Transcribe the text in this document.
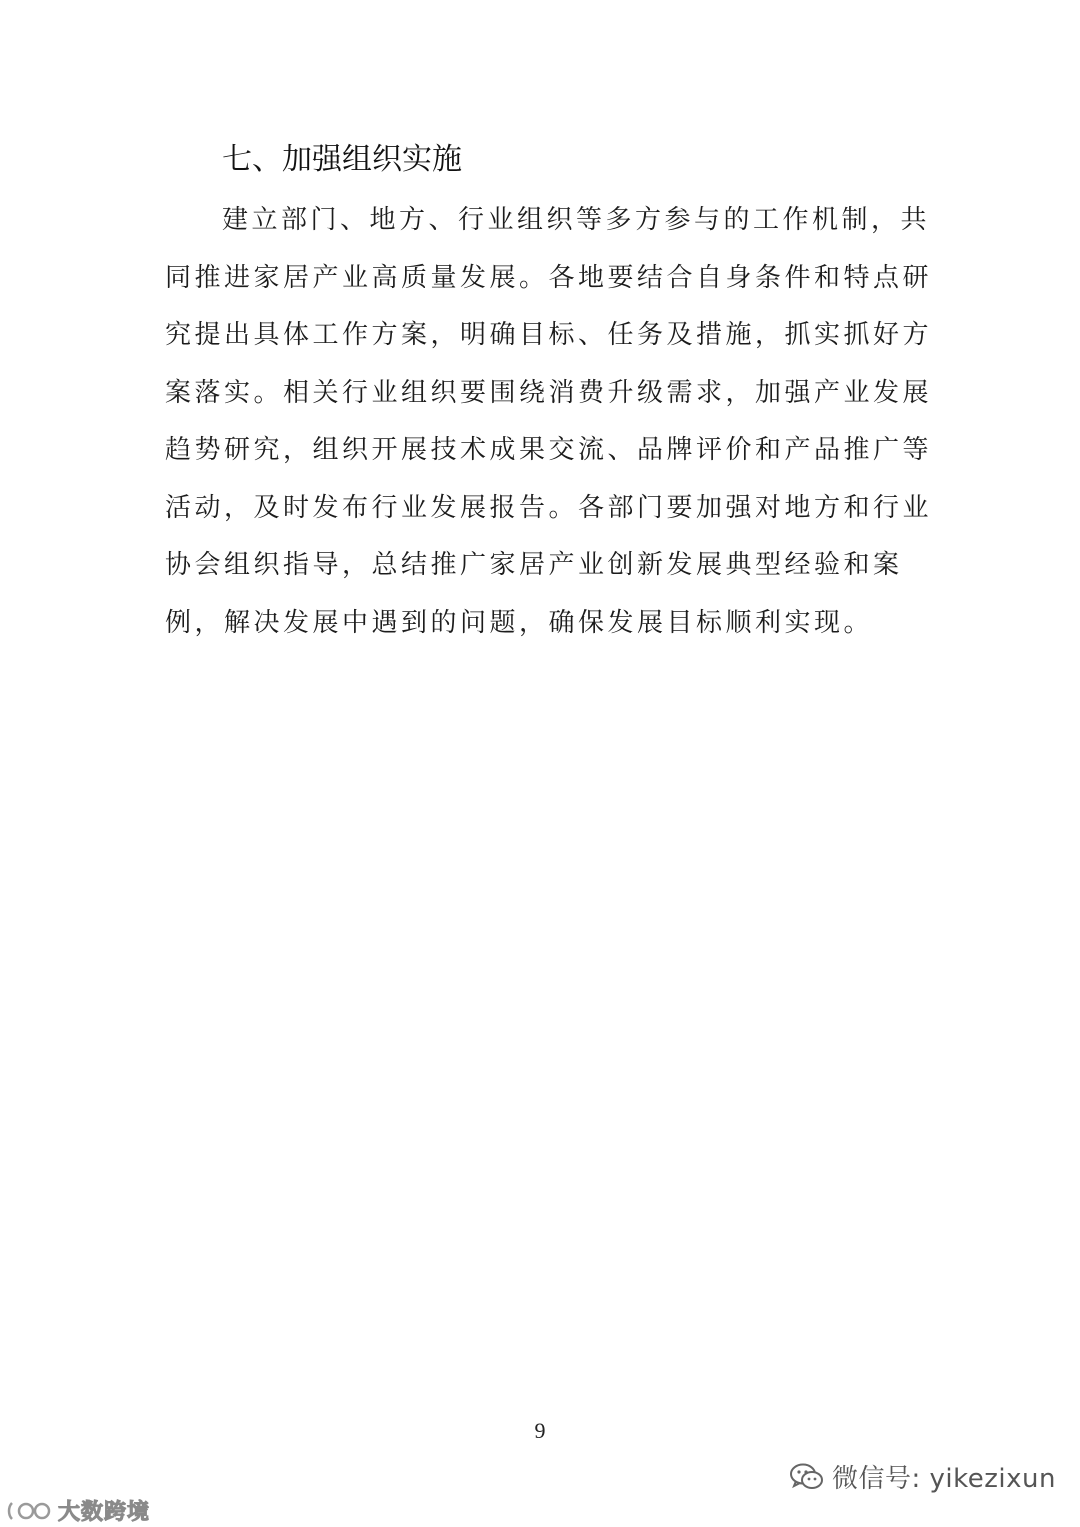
七、加强组织实施
建立部门、地方、行业组织等多方参与的工作机制，共
同推进家居产业高质量发展。各地要结合自身条件和特点研
究提出具体工作方案，明确目标、任务及措施，抓实抓好方
案落实。相关行业组织要围绕消费升级需求，加强产业发展
趋势研究，组织开展技术成果交流、品牌评价和产品推广等
活动，及时发布行业发展报告。各部门要加强对地方和行业
协会组织指导，总结推广家居产业创新发展典型经验和案
例，解决发展中遇到的问题，确保发展目标顺利实现。
9
微信号: yikezixun
大数跨境
